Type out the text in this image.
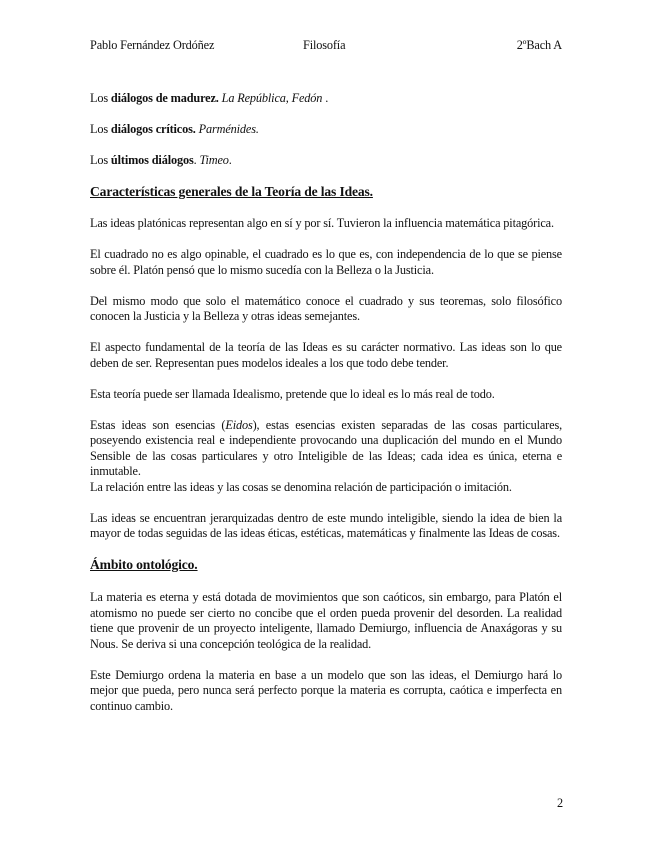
Pablo Fernández Ordóñez	Filosofía	2ºBach A

Los diálogos de madurez. La República, Fedón .

Los diálogos críticos. Parménides.

Los últimos diálogos. Timeo.

Características generales de la Teoría de las Ideas.

Las ideas platónicas representan algo en sí y por sí. Tuvieron la influencia matemática pitagórica.

El cuadrado no es algo opinable, el cuadrado es lo que es, con independencia de lo que se piense sobre él. Platón pensó que lo mismo sucedía con la Belleza o la Justicia.

Del mismo modo que solo el matemático conoce el cuadrado y sus teoremas, solo filosófico conocen la Justicia y la Belleza y otras ideas semejantes.

El aspecto fundamental de la teoría de las Ideas es su carácter normativo. Las ideas son lo que deben de ser. Representan pues modelos ideales a los que todo debe tender.

Esta teoría puede ser llamada Idealismo, pretende que lo ideal es lo más real de todo.

Estas ideas son esencias (Eidos), estas esencias existen separadas de las cosas particulares, poseyendo existencia real e independiente provocando una duplicación del mundo en el Mundo Sensible de las cosas particulares y otro Inteligible de las Ideas; cada idea es única, eterna e inmutable.

La relación entre las ideas y las cosas se denomina relación de participación o imitación.

Las ideas se encuentran jerarquizadas dentro de este mundo inteligible, siendo la idea de bien la mayor de todas seguidas de las ideas éticas, estéticas, matemáticas y finalmente las Ideas de cosas.

Ámbito ontológico.

La materia es eterna y está dotada de movimientos que son caóticos, sin embargo, para Platón el atomismo no puede ser cierto no concibe que el orden pueda provenir del desorden. La realidad tiene que provenir de un proyecto inteligente, llamado Demiurgo, influencia de Anaxágoras y su Nous. Se deriva si una concepción teológica de la realidad.

Este Demiurgo ordena la materia en base a un modelo que son las ideas, el Demiurgo hará lo mejor que pueda, pero nunca será perfecto porque la materia es corrupta, caótica e imperfecta en continuo cambio.

2
